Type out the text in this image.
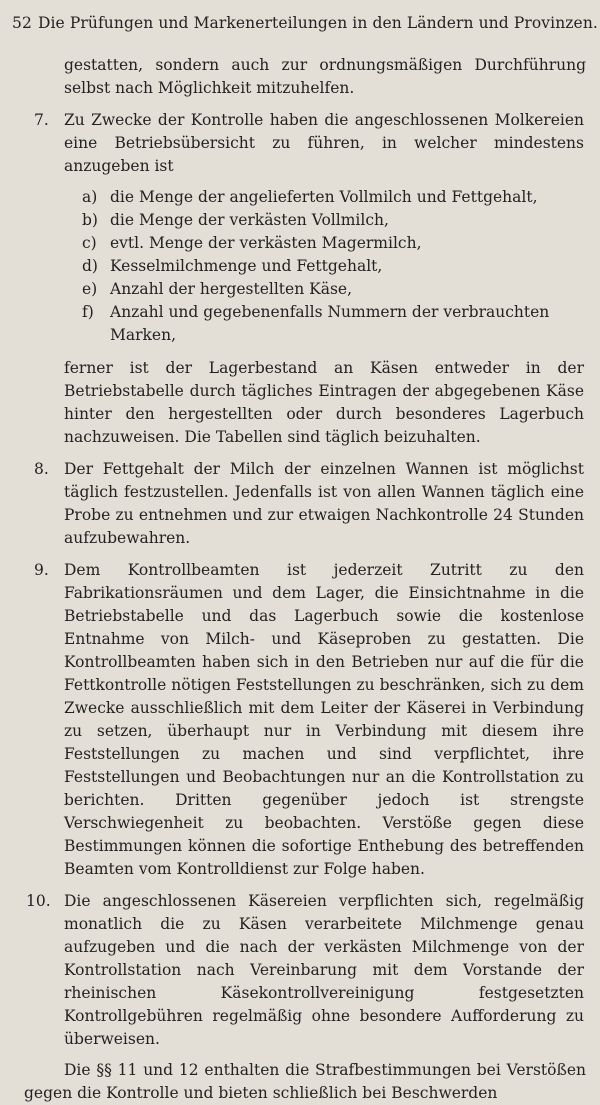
52 Die Prüfungen und Markenerteilungen in den Ländern und Provinzen.

gestatten, sondern auch zur ordnungsmäßigen Durchführung selbst nach Möglichkeit mitzuhelfen.

7. Zu Zwecke der Kontrolle haben die angeschlossenen Molkereien eine Betriebsübersicht zu führen, in welcher mindestens anzugeben ist

a) die Menge der angelieferten Vollmilch und Fettgehalt,
b) die Menge der verkästen Vollmilch,
c) evtl. Menge der verkästen Magermilch,
d) Kesselmilchmenge und Fettgehalt,
e) Anzahl der hergestellten Käse,
f) Anzahl und gegebenenfalls Nummern der verbrauchten Marken,

ferner ist der Lagerbestand an Käsen entweder in der Betriebstabelle durch tägliches Eintragen der abgegebenen Käse hinter den hergestellten oder durch besonderes Lagerbuch nachzuweisen. Die Tabellen sind täglich beizuhalten.

8. Der Fettgehalt der Milch der einzelnen Wannen ist möglichst täglich festzustellen. Jedenfalls ist von allen Wannen täglich eine Probe zu entnehmen und zur etwaigen Nachkontrolle 24 Stunden aufzubewahren.

9. Dem Kontrollbeamten ist jederzeit Zutritt zu den Fabrikationsräumen und dem Lager, die Einsichtnahme in die Betriebstabelle und das Lagerbuch sowie die kostenlose Entnahme von Milch- und Käseproben zu gestatten. Die Kontrollbeamten haben sich in den Betrieben nur auf die für die Fettkontrolle nötigen Feststellungen zu beschränken, sich zu dem Zwecke ausschließlich mit dem Leiter der Käserei in Verbindung zu setzen, überhaupt nur in Verbindung mit diesem ihre Feststellungen zu machen und sind verpflichtet, ihre Feststellungen und Beobachtungen nur an die Kontrollstation zu berichten. Dritten gegenüber jedoch ist strengste Verschwiegenheit zu beobachten. Verstöße gegen diese Bestimmungen können die sofortige Enthebung des betreffenden Beamten vom Kontrolldienst zur Folge haben.

10. Die angeschlossenen Käsereien verpflichten sich, regelmäßig monatlich die zu Käsen verarbeitete Milchmenge genau aufzugeben und die nach der verkästen Milchmenge von der Kontrollstation nach Vereinbarung mit dem Vorstande der rheinischen Käsekontrollvereinigung festgesetzten Kontrollgebühren regelmäßig ohne besondere Aufforderung zu überweisen.

Die §§ 11 und 12 enthalten die Strafbestimmungen bei Verstößen gegen die Kontrolle und bieten schließlich bei Beschwerden
